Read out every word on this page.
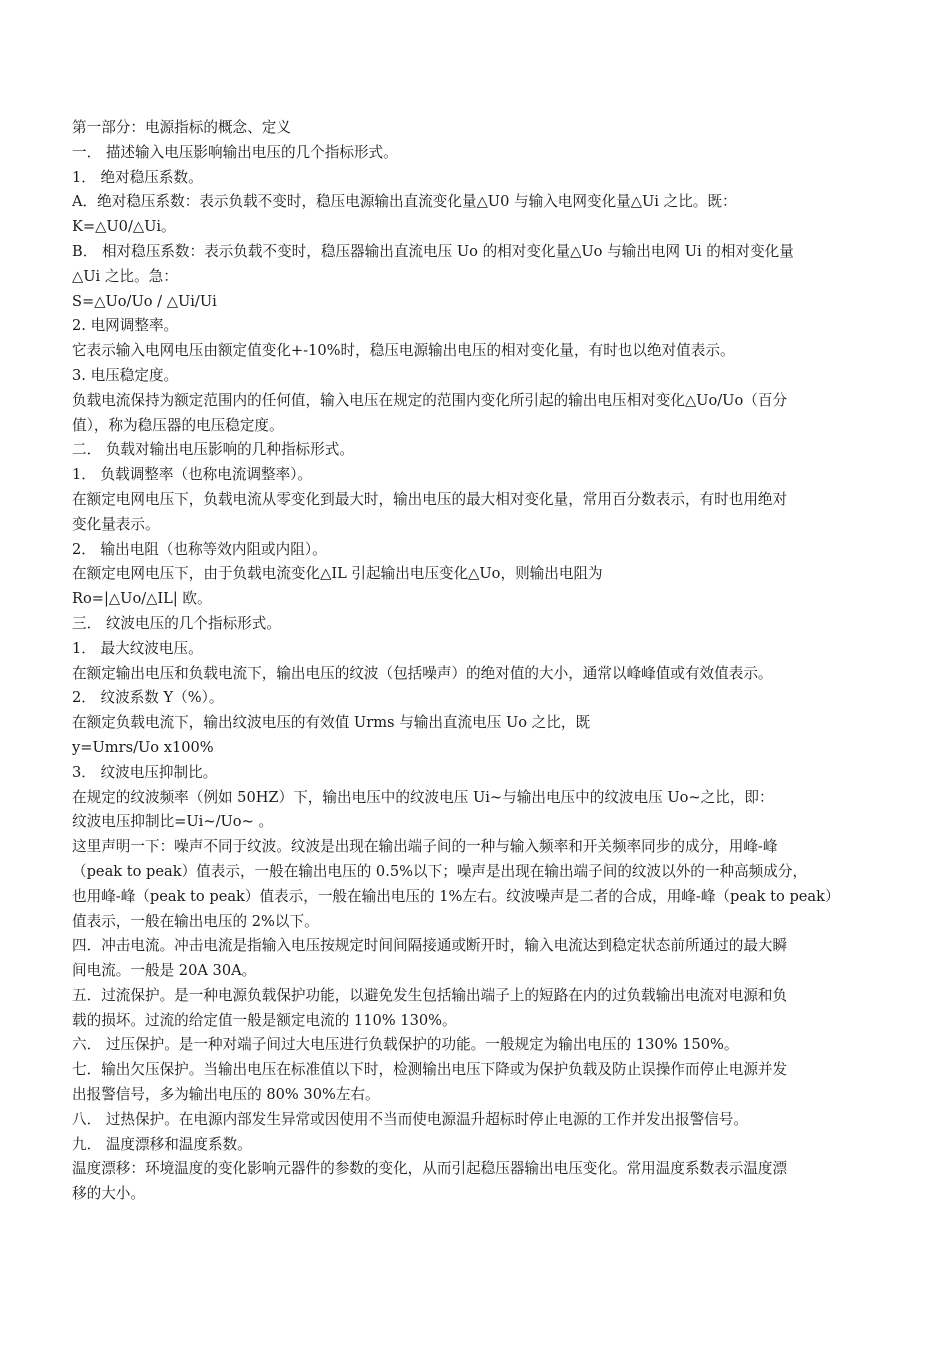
第一部分：电源指标的概念、定义
一． 描述输入电压影响输出电压的几个指标形式。
1． 绝对稳压系数。
A．绝对稳压系数：表示负载不变时，稳压电源输出直流变化量△U0 与输入电网变化量△Ui 之比。既：
K=△U0/△Ui。
B． 相对稳压系数：表示负载不变时，稳压器输出直流电压 Uo 的相对变化量△Uo 与输出电网 Ui 的相对变化量
△Ui 之比。急：
S=△Uo/Uo / △Ui/Ui
2. 电网调整率。
它表示输入电网电压由额定值变化+-10%时，稳压电源输出电压的相对变化量，有时也以绝对值表示。
3. 电压稳定度。
负载电流保持为额定范围内的任何值，输入电压在规定的范围内变化所引起的输出电压相对变化△Uo/Uo（百分
值），称为稳压器的电压稳定度。
二． 负载对输出电压影响的几种指标形式。
1． 负载调整率（也称电流调整率）。
在额定电网电压下，负载电流从零变化到最大时，输出电压的最大相对变化量，常用百分数表示，有时也用绝对
变化量表示。
2． 输出电阻（也称等效内阻或内阻）。
在额定电网电压下，由于负载电流变化△IL 引起输出电压变化△Uo，则输出电阻为
Ro=|△Uo/△IL| 欧。
三． 纹波电压的几个指标形式。
1． 最大纹波电压。
在额定输出电压和负载电流下，输出电压的纹波（包括噪声）的绝对值的大小，通常以峰峰值或有效值表示。
2． 纹波系数 Y（%）。
在额定负载电流下，输出纹波电压的有效值 Urms 与输出直流电压 Uo 之比，既
y=Umrs/Uo x100%
3． 纹波电压抑制比。
在规定的纹波频率（例如 50HZ）下，输出电压中的纹波电压 Ui~与输出电压中的纹波电压 Uo~之比，即：
纹波电压抑制比=Ui~/Uo~ 。
这里声明一下：噪声不同于纹波。纹波是出现在输出端子间的一种与输入频率和开关频率同步的成分，用峰-峰
（peak to peak）值表示，一般在输出电压的 0.5%以下；噪声是出现在输出端子间的纹波以外的一种高频成分，
也用峰-峰（peak to peak）值表示，一般在输出电压的 1%左右。纹波噪声是二者的合成，用峰-峰（peak to peak）
值表示，一般在输出电压的 2%以下。
四．冲击电流。冲击电流是指输入电压按规定时间间隔接通或断开时，输入电流达到稳定状态前所通过的最大瞬
间电流。一般是 20A 30A。
五．过流保护。是一种电源负载保护功能，以避免发生包括输出端子上的短路在内的过负载输出电流对电源和负
载的损坏。过流的给定值一般是额定电流的 110% 130%。
六． 过压保护。是一种对端子间过大电压进行负载保护的功能。一般规定为输出电压的 130% 150%。
七．输出欠压保护。当输出电压在标准值以下时，检测输出电压下降或为保护负载及防止误操作而停止电源并发
出报警信号，多为输出电压的 80% 30%左右。
八． 过热保护。在电源内部发生异常或因使用不当而使电源温升超标时停止电源的工作并发出报警信号。
九． 温度漂移和温度系数。
温度漂移：环境温度的变化影响元器件的参数的变化，从而引起稳压器输出电压变化。常用温度系数表示温度漂
移的大小。
